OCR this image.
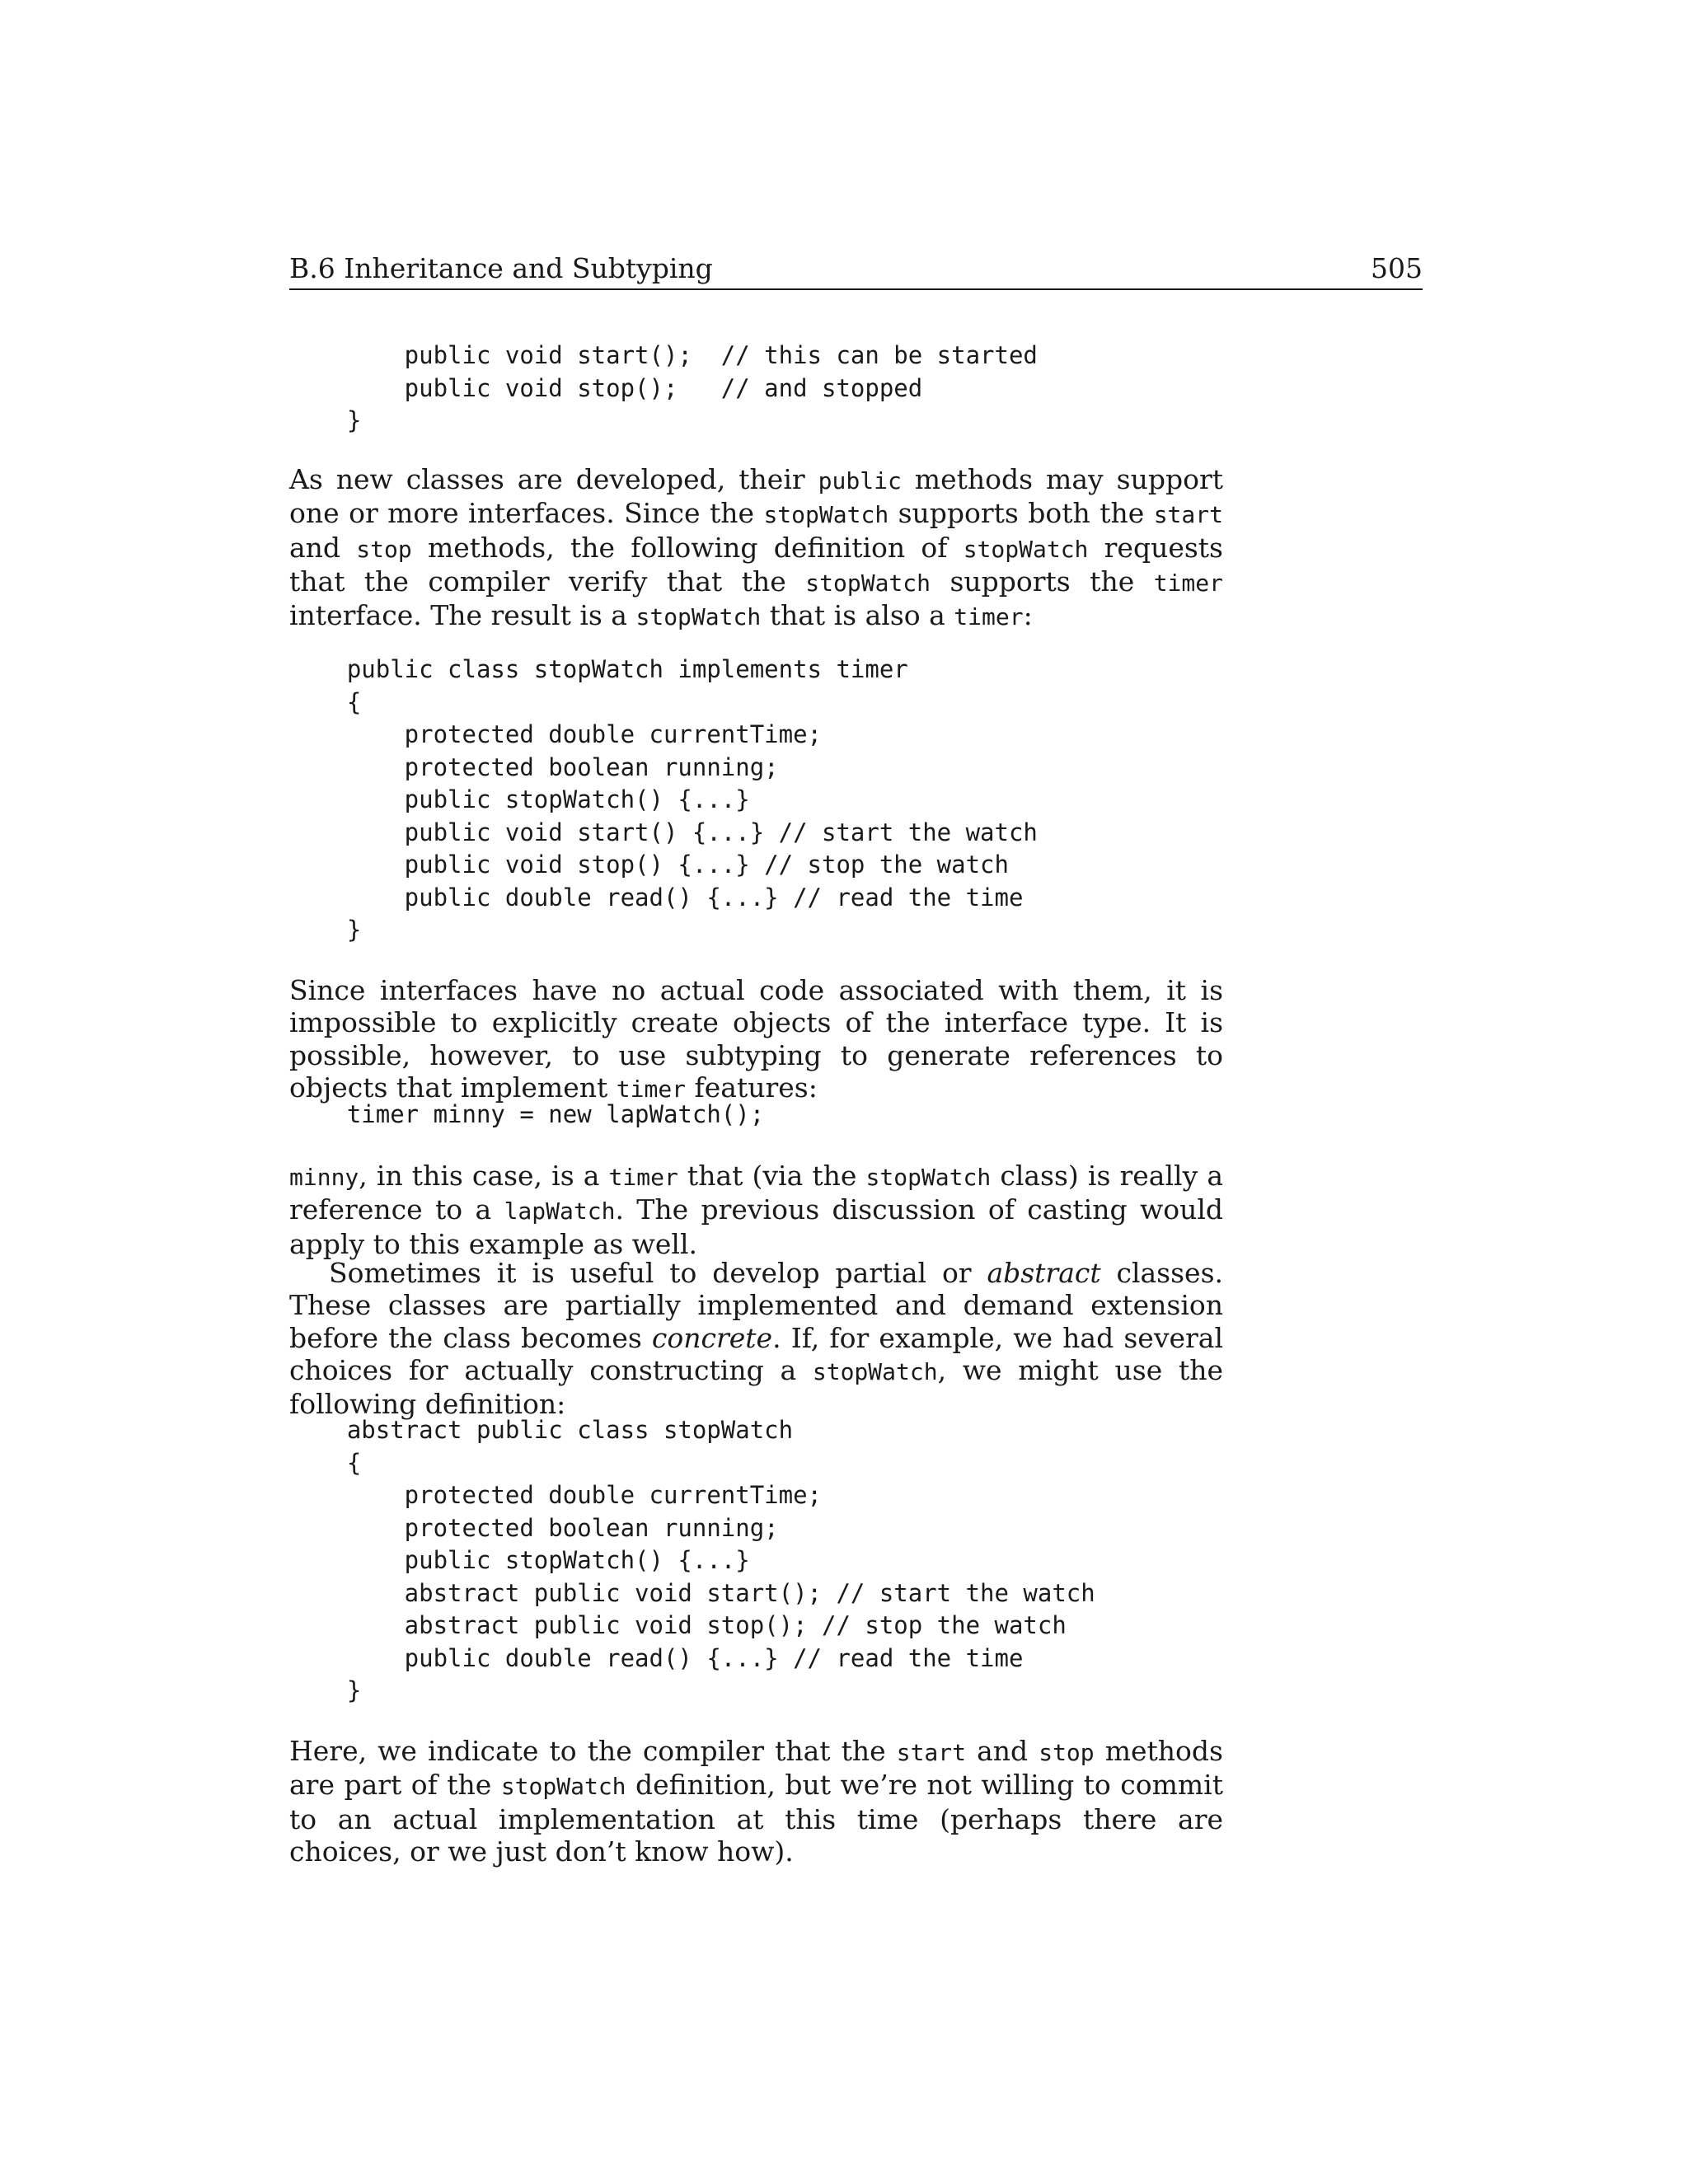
B.6 Inheritance and Subtyping	505
public void start();  // this can be started
public void stop();   // and stopped
}

As new classes are developed, their public methods may support one or more interfaces. Since the stopWatch supports both the start and stop methods, the following definition of stopWatch requests that the compiler verify that the stopWatch supports the timer interface. The result is a stopWatch that is also a timer:

public class stopWatch implements timer
{
protected double currentTime;
protected boolean running;
public stopWatch() {...}
public void start() {...} // start the watch
public void stop() {...} // stop the watch
public double read() {...} // read the time
}

Since interfaces have no actual code associated with them, it is impossible to explicitly create objects of the interface type. It is possible, however, to use subtyping to generate references to objects that implement timer features:

timer minny = new lapWatch();

minny, in this case, is a timer that (via the stopWatch class) is really a reference to a lapWatch. The previous discussion of casting would apply to this example as well.

Sometimes it is useful to develop partial or abstract classes. These classes are partially implemented and demand extension before the class becomes concrete. If, for example, we had several choices for actually constructing a stopWatch, we might use the following definition:

abstract public class stopWatch
{
protected double currentTime;
protected boolean running;
public stopWatch() {...}
abstract public void start(); // start the watch
abstract public void stop(); // stop the watch
public double read() {...} // read the time
}

Here, we indicate to the compiler that the start and stop methods are part of the stopWatch definition, but we’re not willing to commit to an actual implementation at this time (perhaps there are choices, or we just don’t know how).
